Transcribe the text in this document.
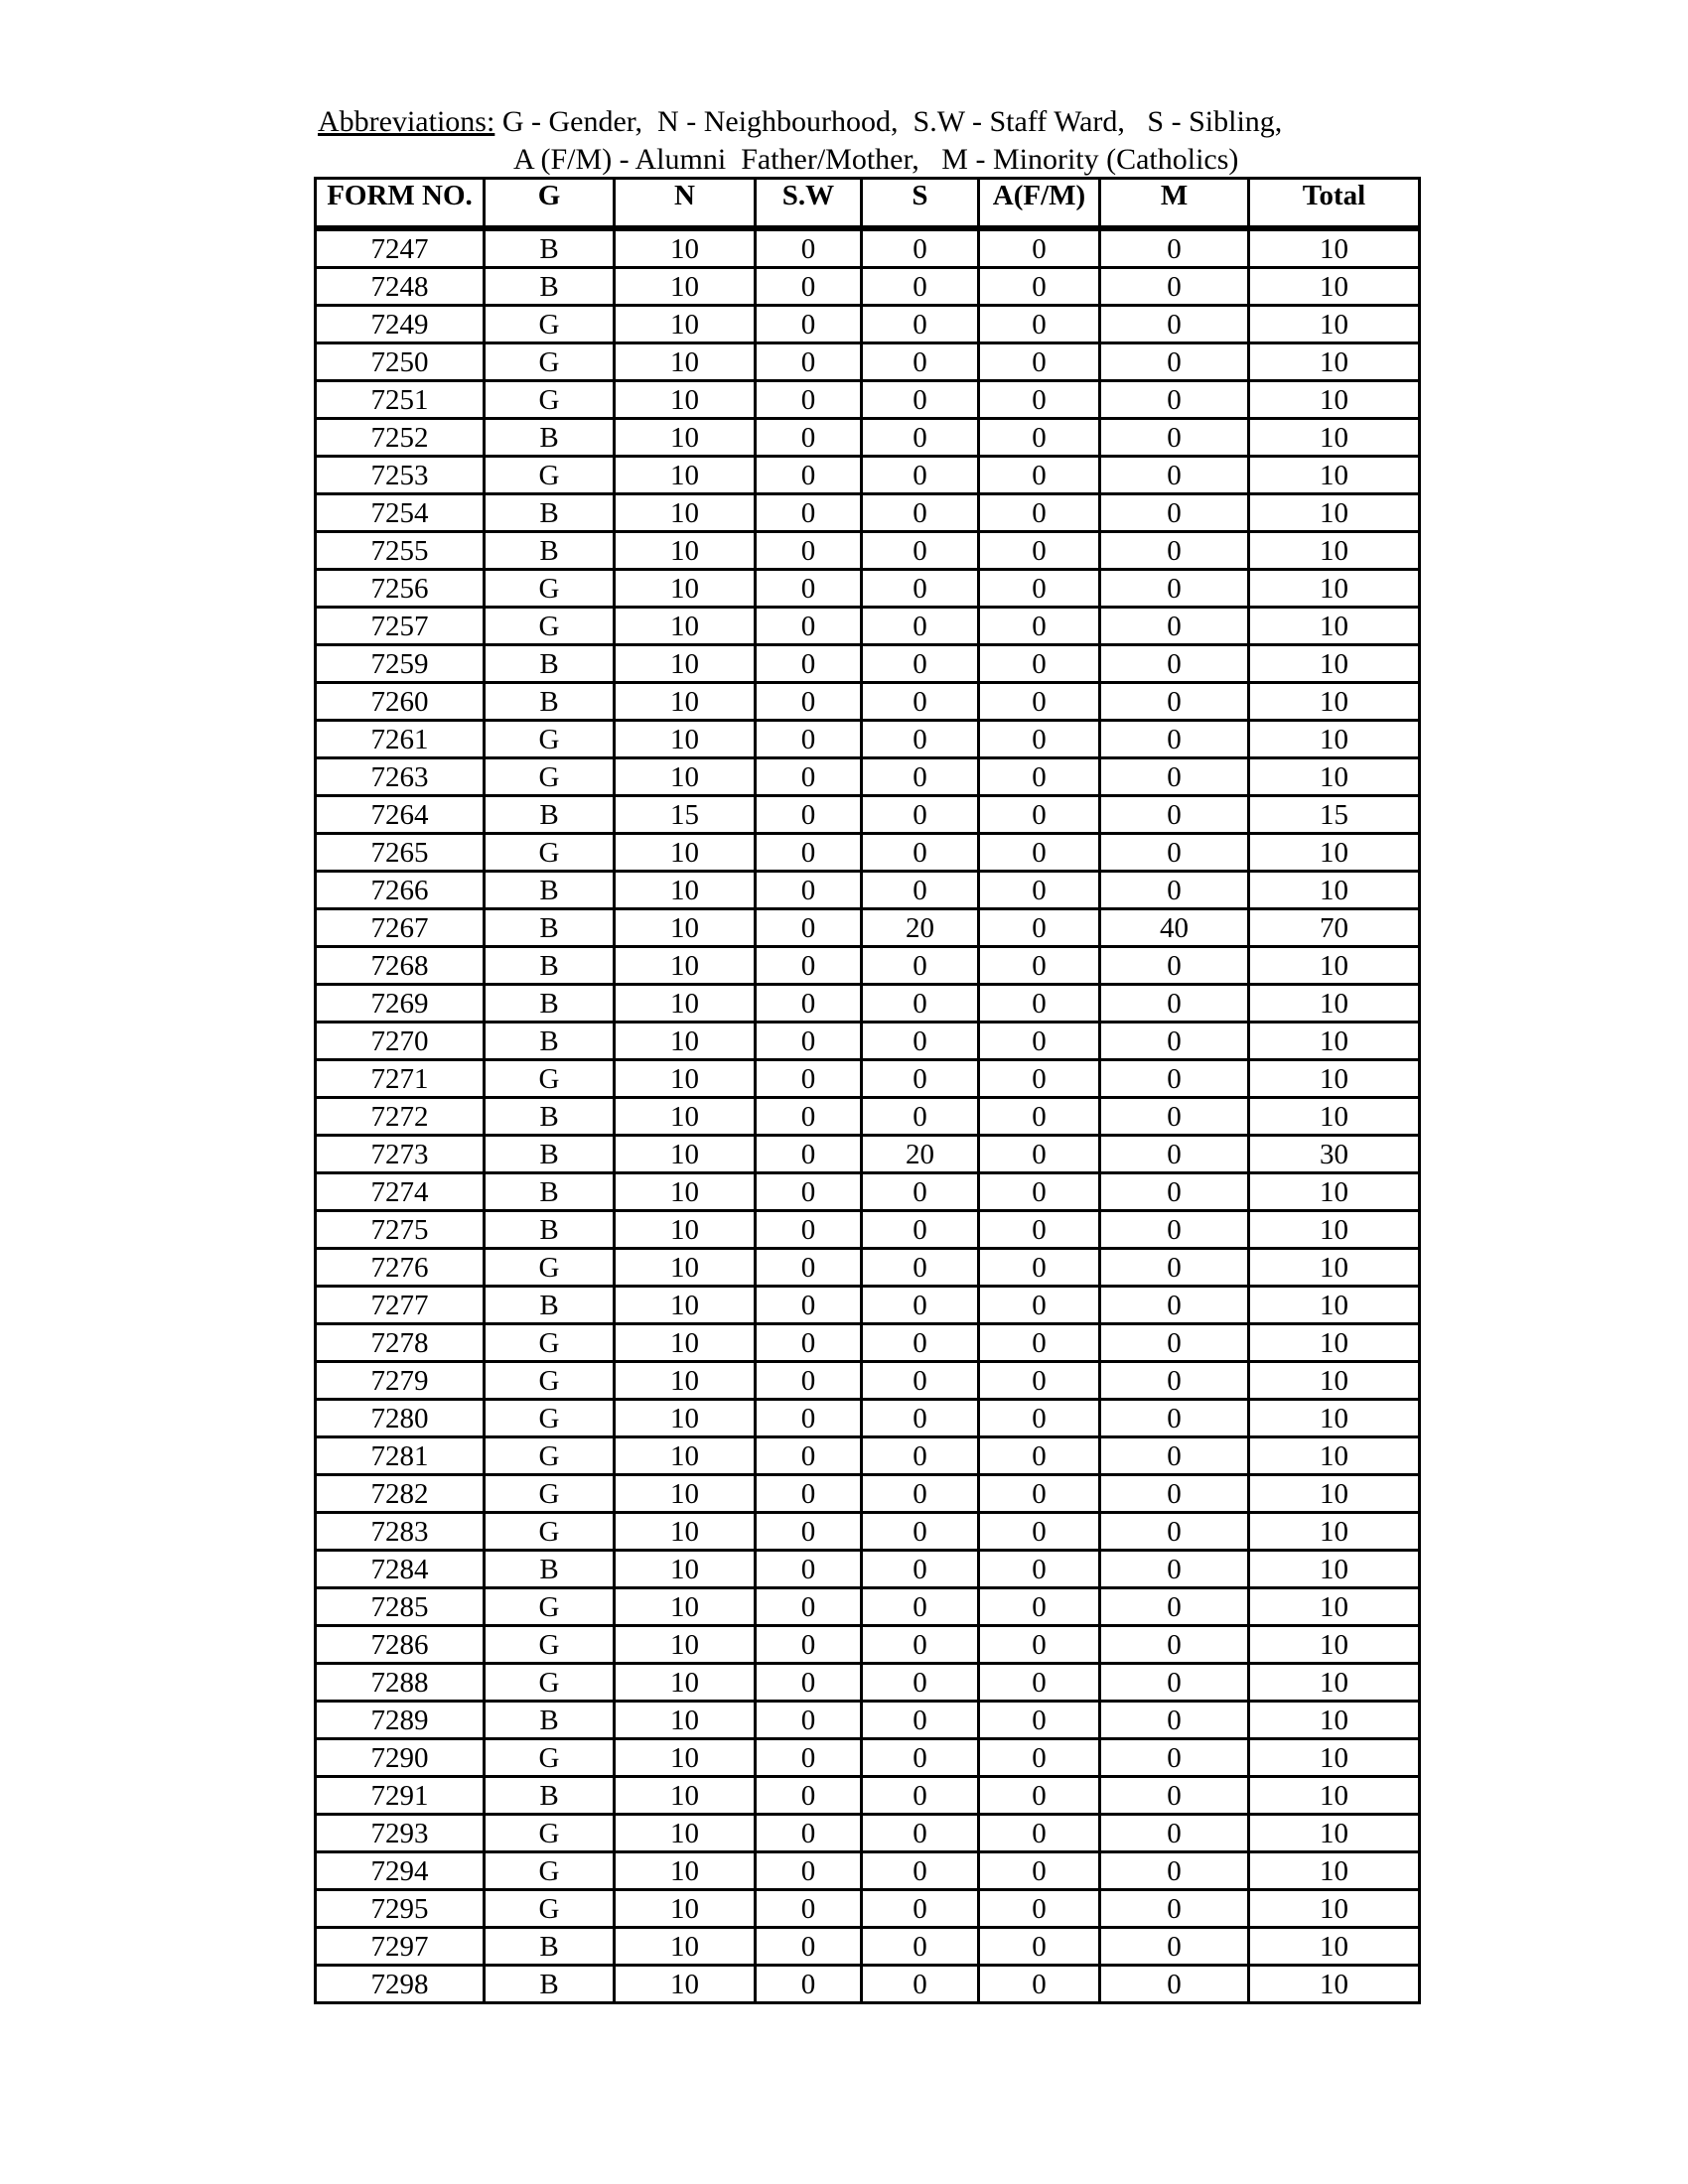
Abbreviations: G - Gender,  N - Neighbourhood,  S.W - Staff Ward,   S - Sibling,
A (F/M) - Alumni  Father/Mother,   M - Minority (Catholics)
FORM NO.	G	N	S.W	S	A(F/M)	M	Total
7247	B	10	0	0	0	0	10
7248	B	10	0	0	0	0	10
7249	G	10	0	0	0	0	10
7250	G	10	0	0	0	0	10
7251	G	10	0	0	0	0	10
7252	B	10	0	0	0	0	10
7253	G	10	0	0	0	0	10
7254	B	10	0	0	0	0	10
7255	B	10	0	0	0	0	10
7256	G	10	0	0	0	0	10
7257	G	10	0	0	0	0	10
7259	B	10	0	0	0	0	10
7260	B	10	0	0	0	0	10
7261	G	10	0	0	0	0	10
7263	G	10	0	0	0	0	10
7264	B	15	0	0	0	0	15
7265	G	10	0	0	0	0	10
7266	B	10	0	0	0	0	10
7267	B	10	0	20	0	40	70
7268	B	10	0	0	0	0	10
7269	B	10	0	0	0	0	10
7270	B	10	0	0	0	0	10
7271	G	10	0	0	0	0	10
7272	B	10	0	0	0	0	10
7273	B	10	0	20	0	0	30
7274	B	10	0	0	0	0	10
7275	B	10	0	0	0	0	10
7276	G	10	0	0	0	0	10
7277	B	10	0	0	0	0	10
7278	G	10	0	0	0	0	10
7279	G	10	0	0	0	0	10
7280	G	10	0	0	0	0	10
7281	G	10	0	0	0	0	10
7282	G	10	0	0	0	0	10
7283	G	10	0	0	0	0	10
7284	B	10	0	0	0	0	10
7285	G	10	0	0	0	0	10
7286	G	10	0	0	0	0	10
7288	G	10	0	0	0	0	10
7289	B	10	0	0	0	0	10
7290	G	10	0	0	0	0	10
7291	B	10	0	0	0	0	10
7293	G	10	0	0	0	0	10
7294	G	10	0	0	0	0	10
7295	G	10	0	0	0	0	10
7297	B	10	0	0	0	0	10
7298	B	10	0	0	0	0	10
